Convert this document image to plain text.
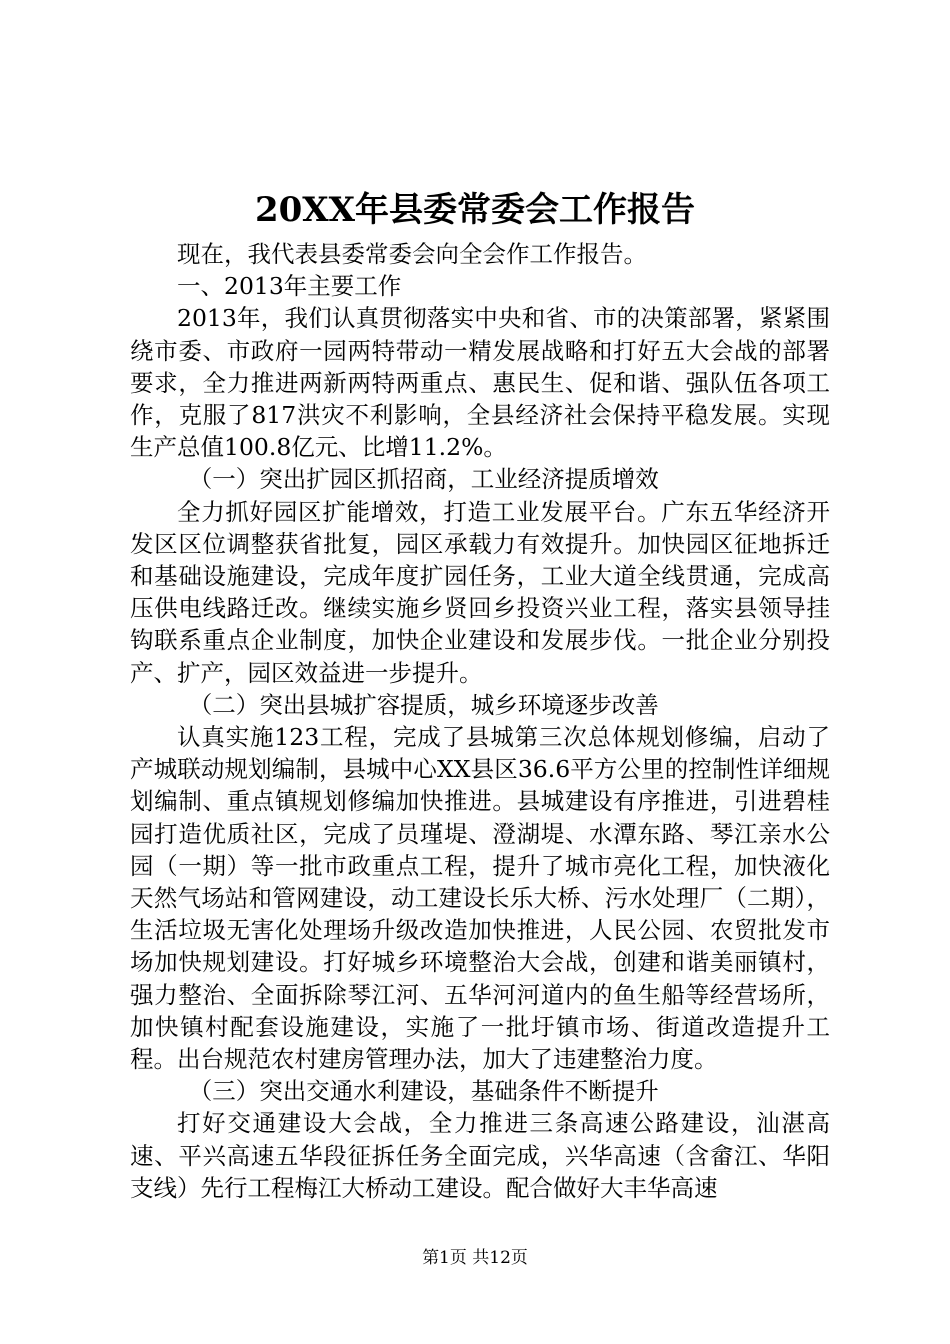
20XX年县委常委会工作报告

现在，我代表县委常委会向全会作工作报告。

一、2013年主要工作

2013年，我们认真贯彻落实中央和省、市的决策部署，紧紧围绕市委、市政府一园两特带动一精发展战略和打好五大会战的部署要求，全力推进两新两特两重点、惠民生、促和谐、强队伍各项工作，克服了817洪灾不利影响，全县经济社会保持平稳发展。实现生产总值100.8亿元、比增11.2%。

（一）突出扩园区抓招商，工业经济提质增效

全力抓好园区扩能增效，打造工业发展平台。广东五华经济开发区区位调整获省批复，园区承载力有效提升。加快园区征地拆迁和基础设施建设，完成年度扩园任务，工业大道全线贯通，完成高压供电线路迁改。继续实施乡贤回乡投资兴业工程，落实县领导挂钩联系重点企业制度，加快企业建设和发展步伐。一批企业分别投产、扩产，园区效益进一步提升。

（二）突出县城扩容提质，城乡环境逐步改善

认真实施123工程，完成了县城第三次总体规划修编，启动了产城联动规划编制，县城中心XX县区36.6平方公里的控制性详细规划编制、重点镇规划修编加快推进。县城建设有序推进，引进碧桂园打造优质社区，完成了员瑾堤、澄湖堤、水潭东路、琴江亲水公园（一期）等一批市政重点工程，提升了城市亮化工程，加快液化天然气场站和管网建设，动工建设长乐大桥、污水处理厂（二期），生活垃圾无害化处理场升级改造加快推进，人民公园、农贸批发市场加快规划建设。打好城乡环境整治大会战，创建和谐美丽镇村，强力整治、全面拆除琴江河、五华河河道内的鱼生船等经营场所，加快镇村配套设施建设，实施了一批圩镇市场、街道改造提升工程。出台规范农村建房管理办法，加大了违建整治力度。

（三）突出交通水利建设，基础条件不断提升

打好交通建设大会战，全力推进三条高速公路建设，汕湛高速、平兴高速五华段征拆任务全面完成，兴华高速（含畲江、华阳支线）先行工程梅江大桥动工建设。配合做好大丰华高速

第1页 共12页
